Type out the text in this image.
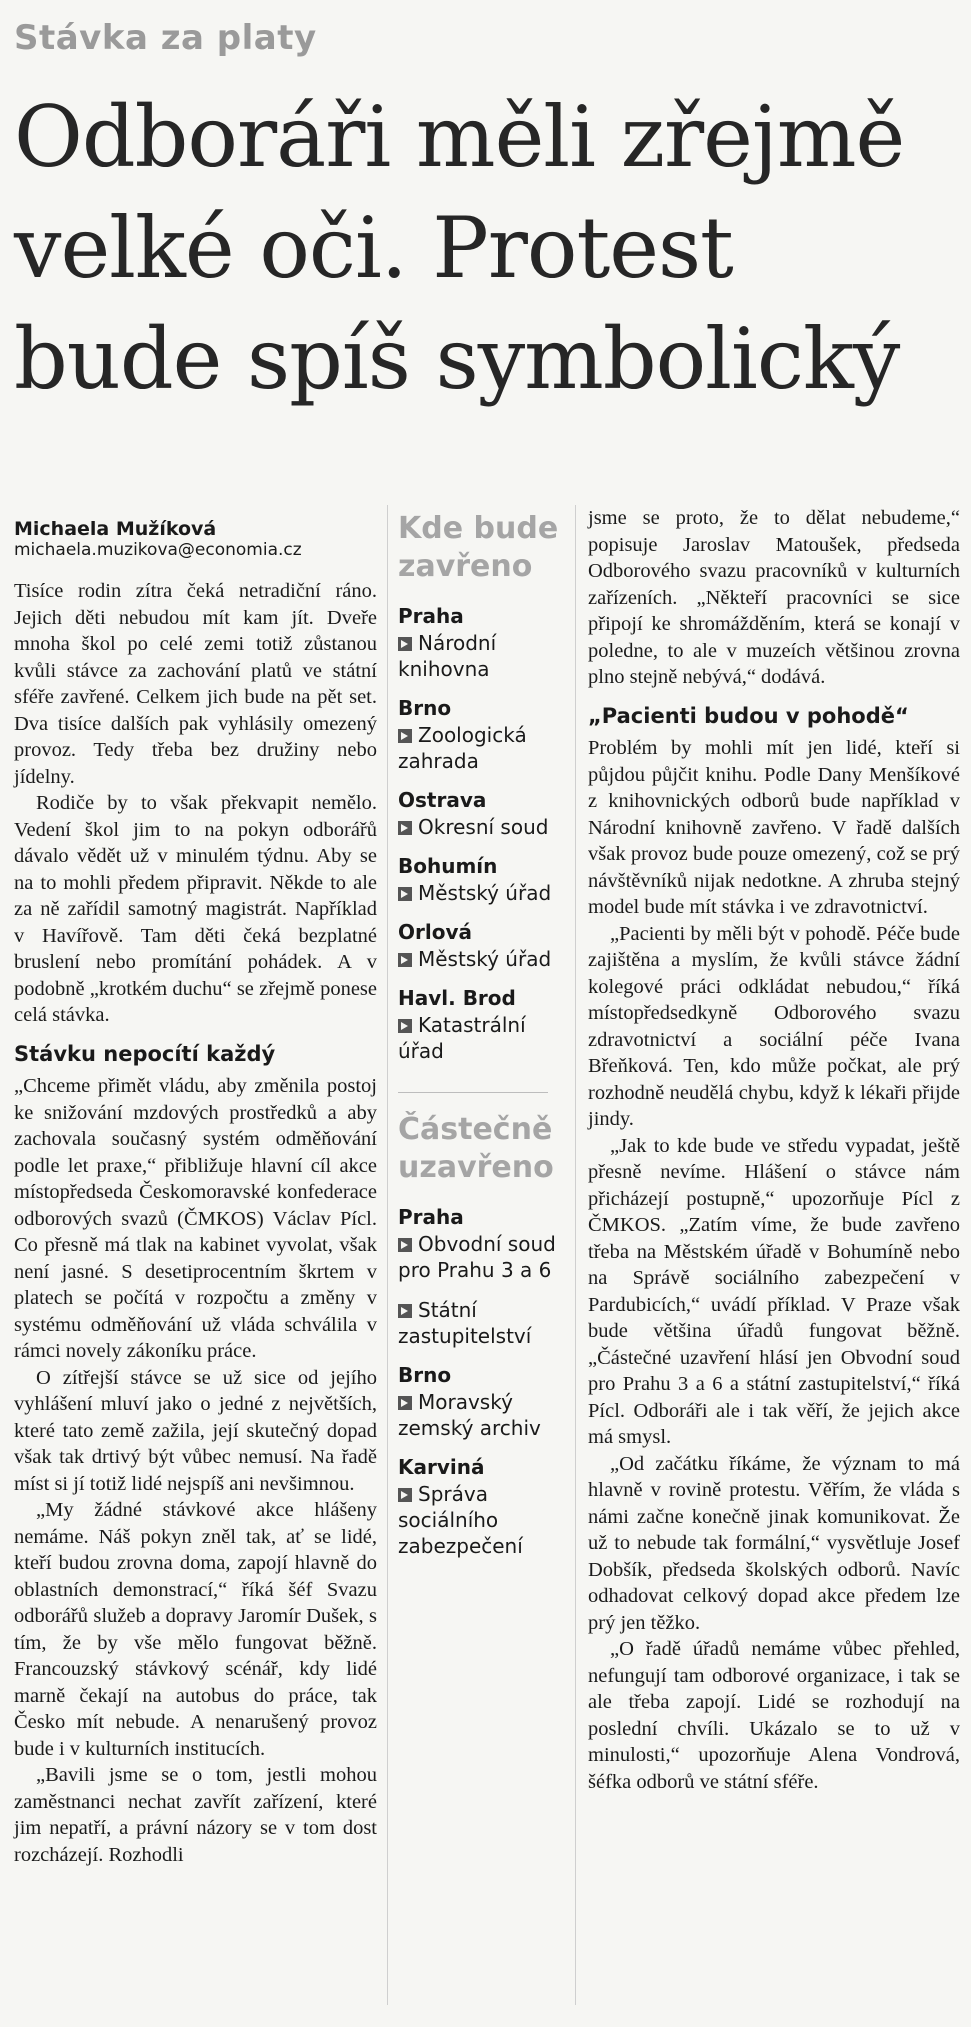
Stávka za platy
Odboráři měli zřejmě
velké oči. Protest
bude spíš symbolický
Michaela Mužíková
michaela.muzikova@economia.cz

Tisíce rodin zítra čeká netradiční ráno. Jejich děti nebudou mít kam jít. Dveře mnoha škol po celé zemi totiž zůstanou kvůli stávce za zachování platů ve státní sféře zavřené. Celkem jich bude na pět set. Dva tisíce dalších pak vyhlásily omezený provoz. Tedy třeba bez družiny nebo jídelny.

Rodiče by to však překvapit nemělo. Vedení škol jim to na pokyn odborářů dávalo vědět už v minulém týdnu. Aby se na to mohli předem připravit. Někde to ale za ně zařídil samotný magistrát. Například v Havířově. Tam děti čeká bezplatné bruslení nebo promítání pohádek. A v podobně „krotkém duchu“ se zřejmě ponese celá stávka.

Stávku nepocítí každý

„Chceme přimět vládu, aby změnila postoj ke snižování mzdových prostředků a aby zachovala současný systém odměňování podle let praxe,“ přibližuje hlavní cíl akce místopředseda Českomoravské konfederace odborových svazů (ČMKOS) Václav Pícl. Co přesně má tlak na kabinet vyvolat, však není jasné. S desetiprocentním škrtem v platech se počítá v rozpočtu a změny v systému odměňování už vláda schválila v rámci novely zákoníku práce.

O zítřejší stávce se už sice od jejího vyhlášení mluví jako o jedné z největších, které tato země zažila, její skutečný dopad však tak drtivý být vůbec nemusí. Na řadě míst si jí totiž lidé nejspíš ani nevšimnou.

„My žádné stávkové akce hlášeny nemáme. Náš pokyn zněl tak, ať se lidé, kteří budou zrovna doma, zapojí hlavně do oblastních demonstrací,“ říká šéf Svazu odborářů služeb a dopravy Jaromír Dušek, s tím, že by vše mělo fungovat běžně. Francouzský stávkový scénář, kdy lidé marně čekají na autobus do práce, tak Česko mít nebude. A nenarušený provoz bude i v kulturních institucích.

„Bavili jsme se o tom, jestli mohou zaměstnanci nechat zavřít zařízení, které jim nepatří, a právní názory se v tom dost rozcházejí. Rozhodli

Kde bude zavřeno
Praha
Národní knihovna
Brno
Zoologická zahrada
Ostrava
Okresní soud
Bohumín
Městský úřad
Orlová
Městský úřad
Havl. Brod
Katastrální úřad
Částečně uzavřeno
Praha
Obvodní soud pro Prahu 3 a 6
Státní zastupitelství
Brno
Moravský zemský archiv
Karviná
Správa sociálního zabezpečení

jsme se proto, že to dělat nebudeme,“ popisuje Jaroslav Matoušek, předseda Odborového svazu pracovníků v kulturních zařízeních. „Někteří pracovníci se sice připojí ke shromážděním, která se konají v poledne, to ale v muzeích většinou zrovna plno stejně nebývá,“ dodává.

„Pacienti budou v pohodě“

Problém by mohli mít jen lidé, kteří si půjdou půjčit knihu. Podle Dany Menšíkové z knihovnických odborů bude například v Národní knihovně zavřeno. V řadě dalších však provoz bude pouze omezený, což se prý návštěvníků nijak nedotkne. A zhruba stejný model bude mít stávka i ve zdravotnictví.

„Pacienti by měli být v pohodě. Péče bude zajištěna a myslím, že kvůli stávce žádní kolegové práci odkládat nebudou,“ říká místopředsedkyně Odborového svazu zdravotnictví a sociální péče Ivana Břeňková. Ten, kdo může počkat, ale prý rozhodně neudělá chybu, když k lékaři přijde jindy.

„Jak to kde bude ve středu vypadat, ještě přesně nevíme. Hlášení o stávce nám přicházejí postupně,“ upozorňuje Pícl z ČMKOS. „Zatím víme, že bude zavřeno třeba na Městském úřadě v Bohumíně nebo na Správě sociálního zabezpečení v Pardubicích,“ uvádí příklad. V Praze však bude většina úřadů fungovat běžně. „Částečné uzavření hlásí jen Obvodní soud pro Prahu 3 a 6 a státní zastupitelství,“ říká Pícl. Odboráři ale i tak věří, že jejich akce má smysl.

„Od začátku říkáme, že význam to má hlavně v rovině protestu. Věřím, že vláda s námi začne konečně jinak komunikovat. Že už to nebude tak formální,“ vysvětluje Josef Dobšík, předseda školských odborů. Navíc odhadovat celkový dopad akce předem lze prý jen těžko.

„O řadě úřadů nemáme vůbec přehled, nefungují tam odborové organizace, i tak se ale třeba zapojí. Lidé se rozhodují na poslední chvíli. Ukázalo se to už v minulosti,“ upozorňuje Alena Vondrová, šéfka odborů ve státní sféře.
